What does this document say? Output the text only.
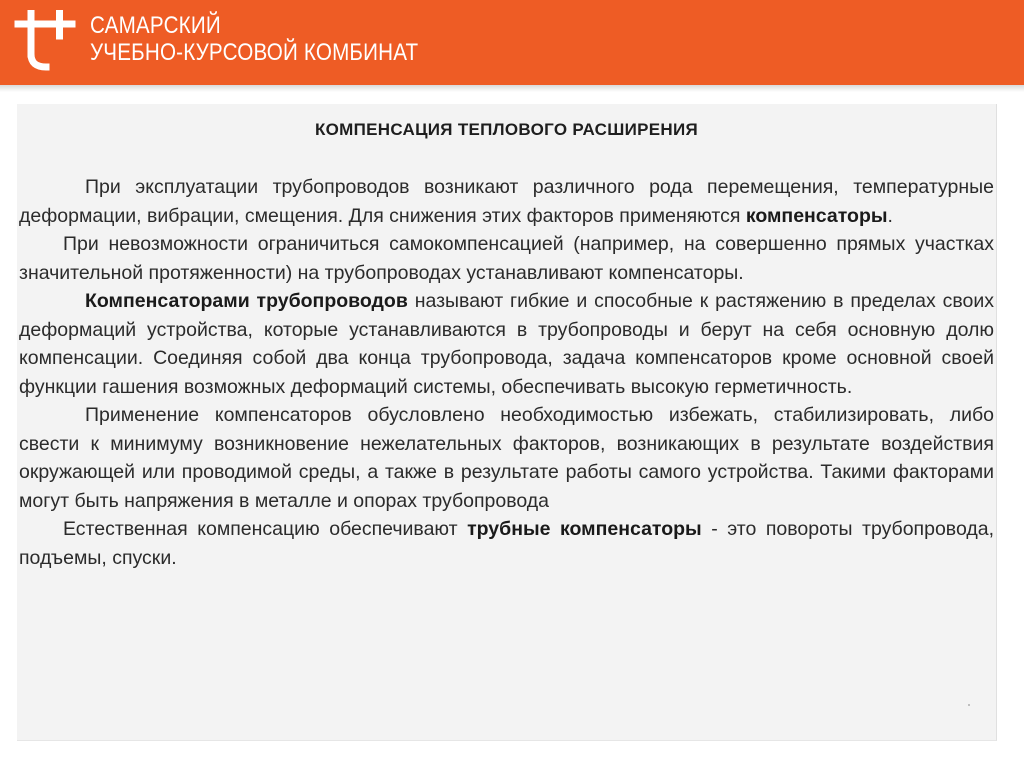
САМАРСКИЙ
УЧЕБНО-КУРСОВОЙ КОМБИНАТ
КОМПЕНСАЦИЯ ТЕПЛОВОГО РАСШИРЕНИЯ

При эксплуатации трубопроводов возникают различного рода перемещения, температурные деформации, вибрации, смещения. Для снижения этих факторов применяются компенсаторы.

При невозможности ограничиться самокомпенсацией (например, на совершенно прямых участках значительной протяженности) на трубопроводах устанавливают компенсаторы.

Компенсаторами трубопроводов называют гибкие и способные к растяжению в пределах своих деформаций устройства, которые устанавливаются в трубопроводы и берут на себя основную долю компенсации. Соединяя собой два конца трубопровода, задача компенсаторов кроме основной своей функции гашения возможных деформаций системы, обеспечивать высокую герметичность.

Применение компенсаторов обусловлено необходимостью избежать, стабилизировать, либо свести к минимуму возникновение нежелательных факторов, возникающих в результате воздействия окружающей или проводимой среды, а также в результате работы самого устройства. Такими факторами могут быть напряжения в металле и опорах трубопровода

Естественная компенсацию обеспечивают трубные компенсаторы - это повороты трубопровода, подъемы, спуски.
